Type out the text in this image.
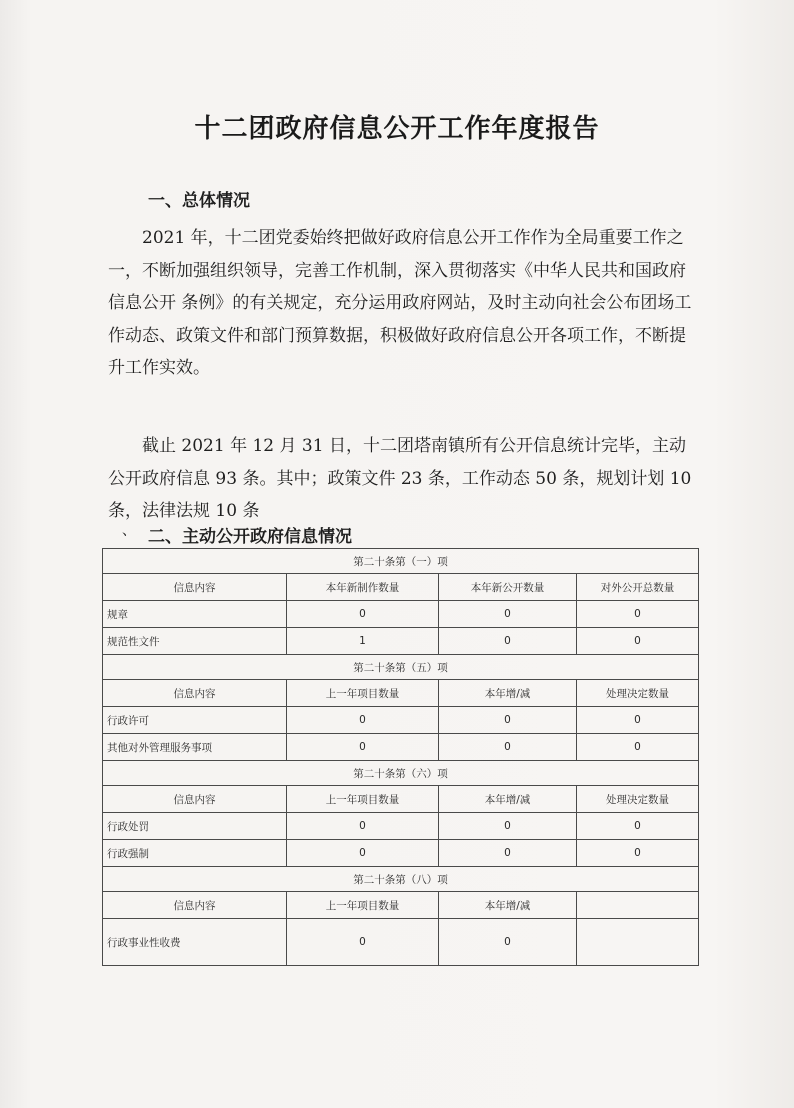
十二团政府信息公开工作年度报告
一、总体情况
2021 年，十二团党委始终把做好政府信息公开工作作为全局重要工作之一，不断加强组织领导，完善工作机制，深入贯彻落实《中华人民共和国政府信息公开 条例》的有关规定，充分运用政府网站，及时主动向社会公布团场工作动态、政策文件和部门预算数据，积极做好政府信息公开各项工作，不断提升工作实效。
截止 2021 年 12 月 31 日，十二团塔南镇所有公开信息统计完毕，主动公开政府信息 93 条。其中；政策文件 23 条，工作动态 50 条，规划计划 10 条，法律法规 10 条
、 二、主动公开政府信息情况
第二十条第（一）项			
信息内容	本年新制作数量	本年新公开数量	对外公开总数量
规章	0	0	0
规范性文件	1	0	0
第二十条第（五）项			
信息内容	上一年项目数量	本年增/减	处理决定数量
行政许可	0	0	0
其他对外管理服务事项	0	0	0
第二十条第（六）项			
信息内容	上一年项目数量	本年增/减	处理决定数量
行政处罚	0	0	0
行政强制	0	0	0
第二十条第（八）项			
信息内容	上一年项目数量	本年增/减	
行政事业性收费	0	0	
